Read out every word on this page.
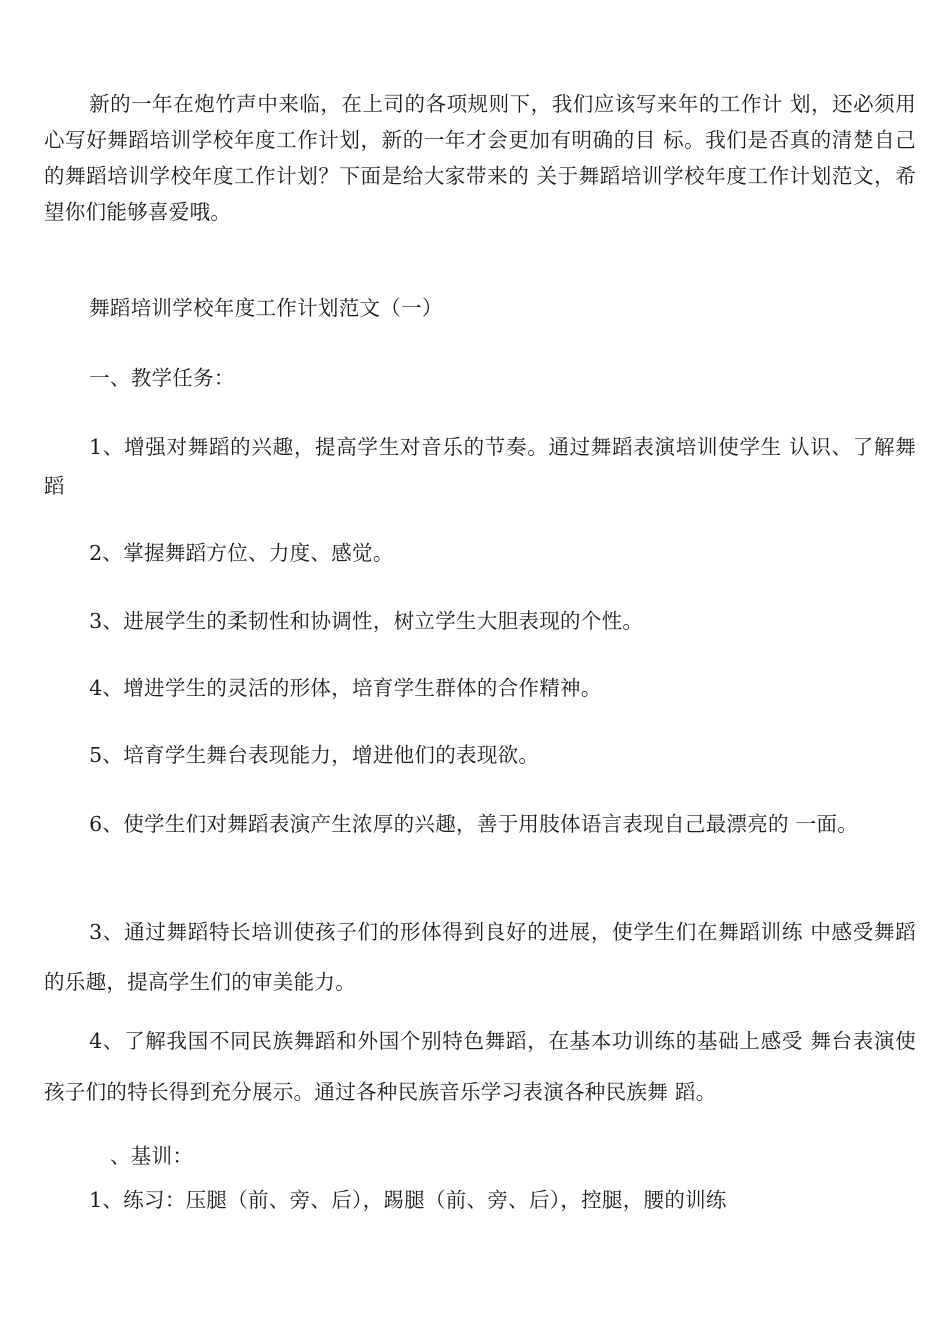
新的一年在炮竹声中来临，在上司的各项规则下，我们应该写来年的工作计 划，还必须用心写好舞蹈培训学校年度工作计划，新的一年才会更加有明确的目 标。我们是否真的清楚自己的舞蹈培训学校年度工作计划？下面是给大家带来的 关于舞蹈培训学校年度工作计划范文，希望你们能够喜爱哦。

舞蹈培训学校年度工作计划范文（一）

一、教学任务：

1、增强对舞蹈的兴趣，提高学生对音乐的节奏。通过舞蹈表演培训使学生 认识、了解舞蹈

2、掌握舞蹈方位、力度、感觉。

3、进展学生的柔韧性和协调性，树立学生大胆表现的个性。

4、增进学生的灵活的形体，培育学生群体的合作精神。

5、培育学生舞台表现能力，增进他们的表现欲。

6、使学生们对舞蹈表演产生浓厚的兴趣，善于用肢体语言表现自己最漂亮的 一面。

3、通过舞蹈特长培训使孩子们的形体得到良好的进展，使学生们在舞蹈训练 中感受舞蹈的乐趣，提高学生们的审美能力。

4、了解我国不同民族舞蹈和外国个别特色舞蹈，在基本功训练的基础上感受 舞台表演使孩子们的特长得到充分展示。通过各种民族音乐学习表演各种民族舞 蹈。

、基训：

1、练习：压腿（前、旁、后），踢腿（前、旁、后），控腿，腰的训练
